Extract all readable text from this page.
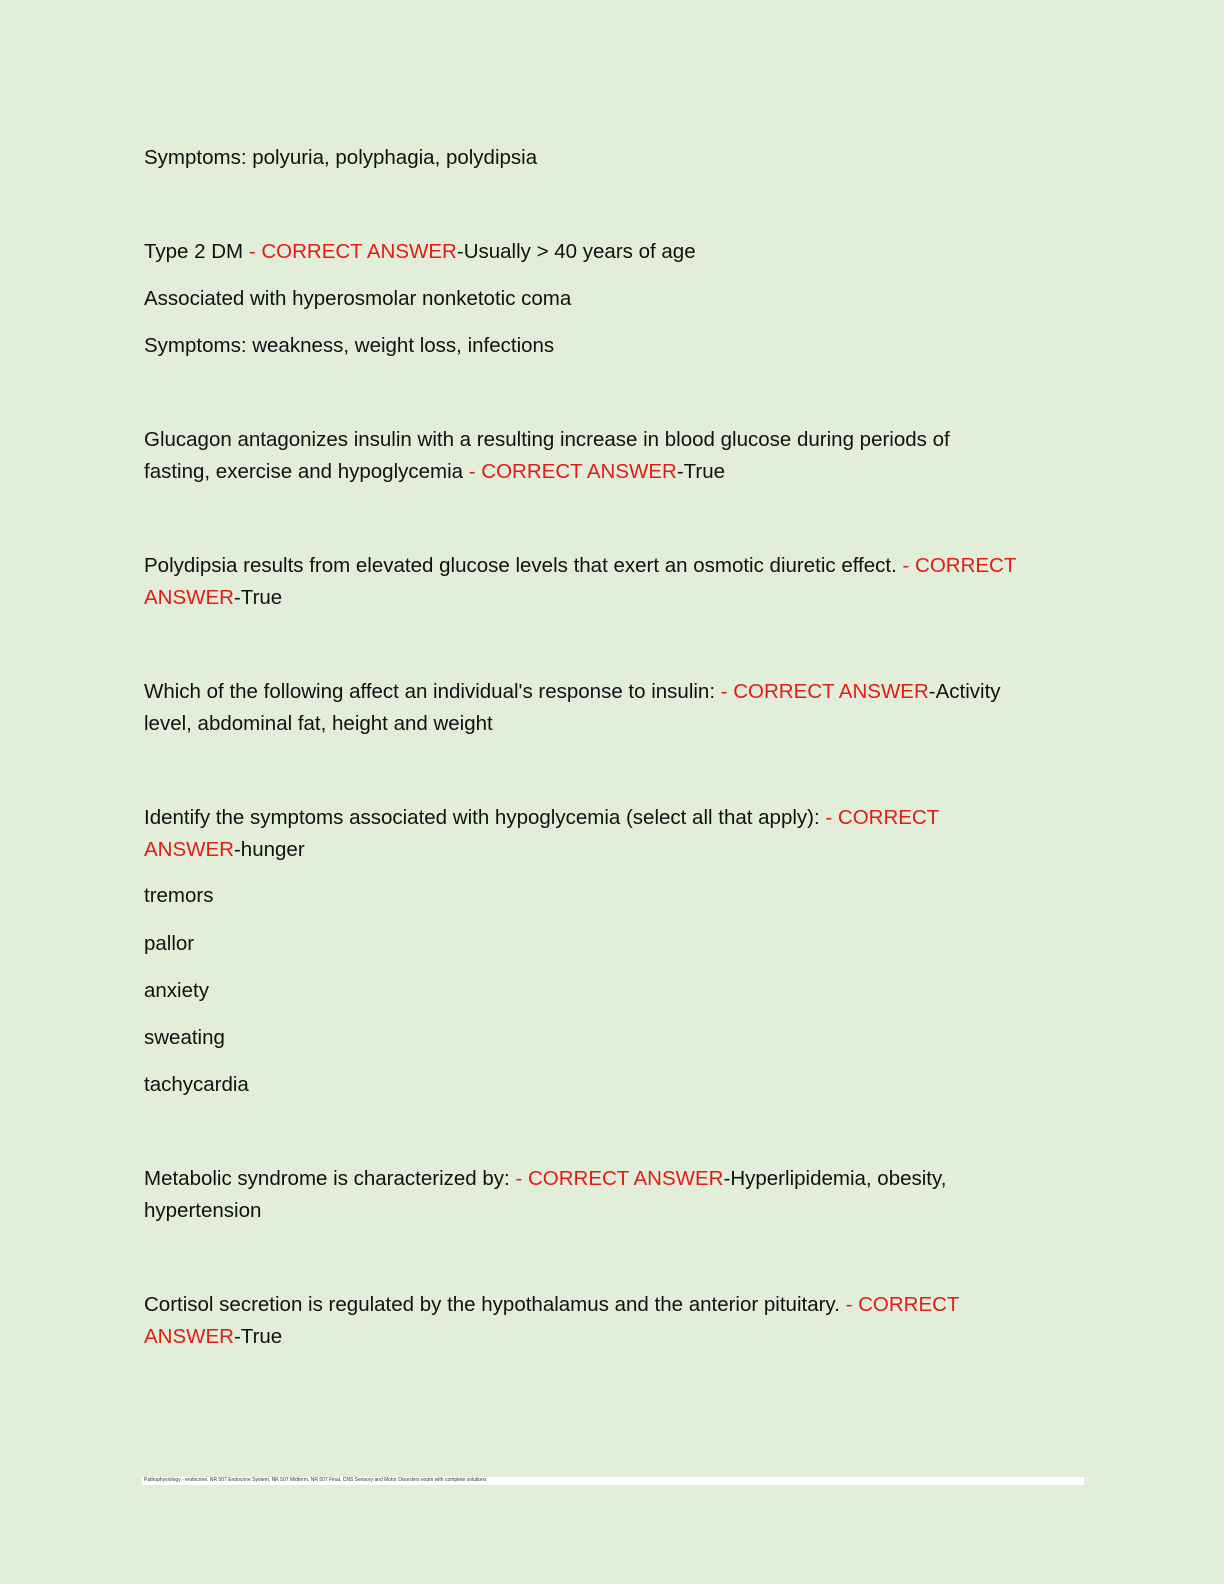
Symptoms: polyuria, polyphagia, polydipsia
Type 2 DM - CORRECT ANSWER-Usually > 40 years of age
Associated with hyperosmolar nonketotic coma
Symptoms: weakness, weight loss, infections
Glucagon antagonizes insulin with a resulting increase in blood glucose during periods of
fasting, exercise and hypoglycemia - CORRECT ANSWER-True
Polydipsia results from elevated glucose levels that exert an osmotic diuretic effect. - CORRECT
ANSWER-True
Which of the following affect an individual's response to insulin: - CORRECT ANSWER-Activity
level, abdominal fat, height and weight
Identify the symptoms associated with hypoglycemia (select all that apply): - CORRECT
ANSWER-hunger
tremors
pallor
anxiety
sweating
tachycardia
Metabolic syndrome is characterized by: - CORRECT ANSWER-Hyperlipidemia, obesity,
hypertension
Cortisol secretion is regulated by the hypothalamus and the anterior pituitary. - CORRECT
ANSWER-True
Pathophysiology - endocrine, NR 507 Endocrine System, NR 507 Midterm, NR 507 Final, CNS Sensory and Motor Disorders exam with complete solutions
